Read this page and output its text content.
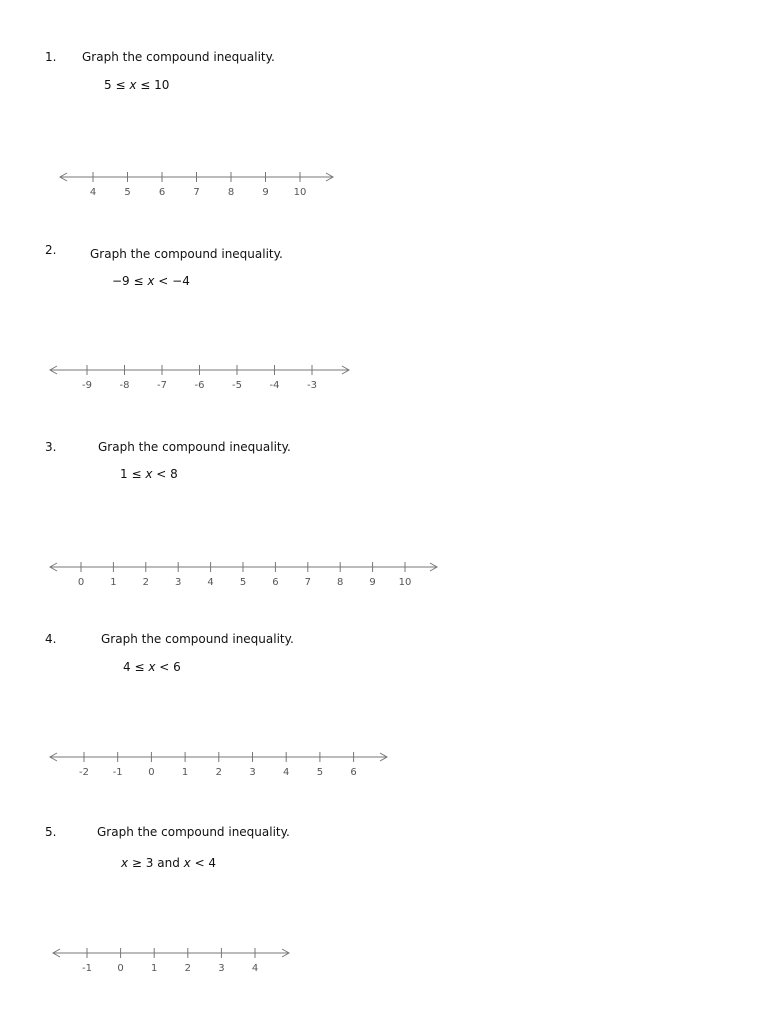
1. Graph the compound inequality.
5 ≤ x ≤ 10
4	5	6	7	8	9 10
2.	Graph the compound inequality.
−9 ≤ x < −4
-9	-8	-7	-6	-5	-4	-3
3.	Graph the compound inequality.
1 ≤ x < 8
0	1	2	3	4	5	6	7	8	9 10
4.	Graph the compound inequality.
4 ≤ x < 6
-2 -1	0	1	2	3	4	5	6
5.	Graph the compound inequality.
x ≥ 3 and x < 4
-1	0	1	2	3	4
